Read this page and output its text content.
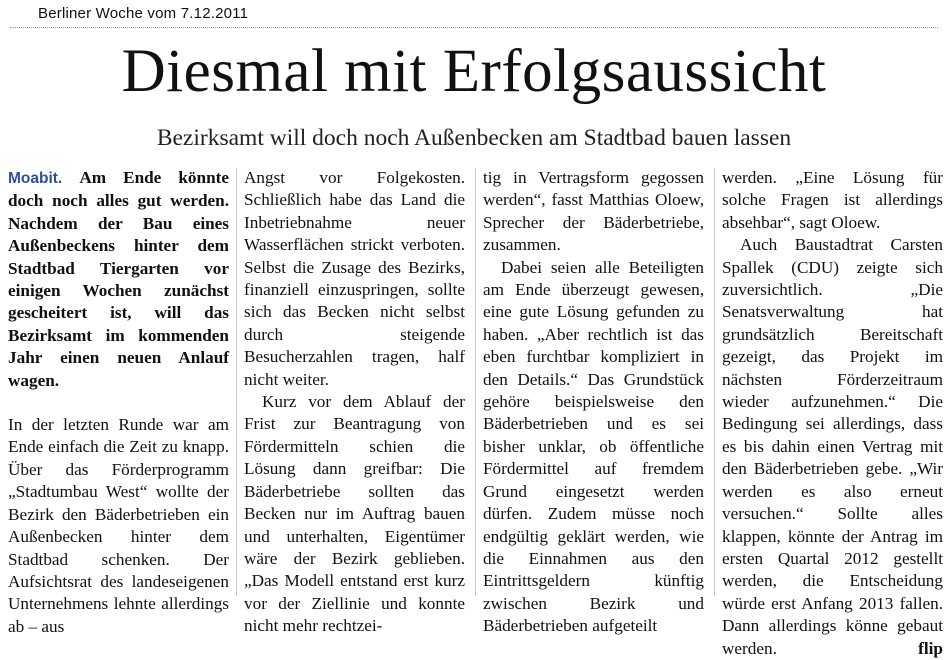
Berliner Woche vom 7.12.2011
Diesmal mit Erfolgsaussicht
Bezirksamt will doch noch Außenbecken am Stadtbad bauen lassen

Moabit. Am Ende könnte doch noch alles gut werden. Nachdem der Bau eines Außenbeckens hinter dem Stadtbad Tiergarten vor einigen Wochen zunächst gescheitert ist, will das Bezirksamt im kommenden Jahr einen neuen Anlauf wagen.

In der letzten Runde war am Ende einfach die Zeit zu knapp. Über das Förderprogramm „Stadtumbau West“ wollte der Bezirk den Bäderbetrieben ein Außenbecken hinter dem Stadtbad schenken. Der Aufsichtsrat des landeseigenen Unternehmens lehnte allerdings ab – aus

Angst vor Folgekosten. Schließlich habe das Land die Inbetriebnahme neuer Wasserflächen strickt verboten. Selbst die Zusage des Bezirks, finanziell einzuspringen, sollte sich das Becken nicht selbst durch steigende Besucherzahlen tragen, half nicht weiter.

Kurz vor dem Ablauf der Frist zur Beantragung von Fördermitteln schien die Lösung dann greifbar: Die Bäderbetriebe sollten das Becken nur im Auftrag bauen und unterhalten, Eigentümer wäre der Bezirk geblieben. „Das Modell entstand erst kurz vor der Ziellinie und konnte nicht mehr rechtzei-

tig in Vertragsform gegossen werden“, fasst Matthias Oloew, Sprecher der Bäderbetriebe, zusammen.

Dabei seien alle Beteiligten am Ende überzeugt gewesen, eine gute Lösung gefunden zu haben. „Aber rechtlich ist das eben furchtbar kompliziert in den Details.“ Das Grundstück gehöre beispielsweise den Bäderbetrieben und es sei bisher unklar, ob öffentliche Fördermittel auf fremdem Grund eingesetzt werden dürfen. Zudem müsse noch endgültig geklärt werden, wie die Einnahmen aus den Eintrittsgeldern künftig zwischen Bezirk und Bäderbetrieben aufgeteilt

werden. „Eine Lösung für solche Fragen ist allerdings absehbar“, sagt Oloew.

Auch Baustadtrat Carsten Spallek (CDU) zeigte sich zuversichtlich. „Die Senatsverwaltung hat grundsätzlich Bereitschaft gezeigt, das Projekt im nächsten Förderzeitraum wieder aufzunehmen.“ Die Bedingung sei allerdings, dass es bis dahin einen Vertrag mit den Bäderbetrieben gebe. „Wir werden es also erneut versuchen.“ Sollte alles klappen, könnte der Antrag im ersten Quartal 2012 gestellt werden, die Entscheidung würde erst Anfang 2013 fallen. Dann allerdings könne gebaut werden.	flip
